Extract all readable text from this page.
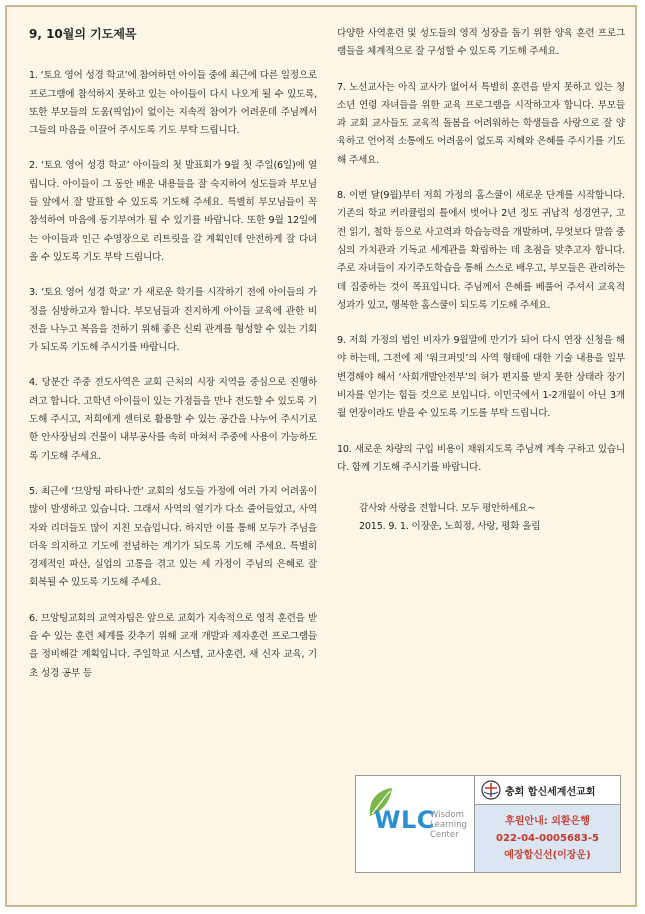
9, 10월의 기도제목

1. ‘토요 영어 성경 학교’에 참여하던 아이들 중에 최근에 다른 일정으로 프로그램에 참석하지 못하고 있는 아이들이 다시 나오게 될 수 있도록, 또한 부모들의 도움(픽업)이 없이는 지속적 참여가 어려운데 주님께서 그들의 마음을 이끌어 주시도록 기도 부탁 드립니다.

2. ‘토요 영어 성경 학교’ 아이들의 첫 발표회가 9월 첫 주일(6일)에 열립니다. 아이들이 그 동안 배운 내용들을 잘 숙지하여 성도들과 부모님들 앞에서 잘 발표할 수 있도록 기도해 주세요. 특별히 부모님들이 꼭 참석하여 마음에 동기부여가 될 수 있기를 바랍니다. 또한 9월 12일에는 아이들과 인근 수영장으로 리트릿을 갈 계획인데 안전하게 잘 다녀 올 수 있도록 기도 부탁 드립니다.

3. ‘토요 영어 성경 학교’ 가 새로운 학기를 시작하기 전에 아이들의 가정을 심방하고자 합니다. 부모님들과 진지하게 아이들 교육에 관한 비전을 나누고 복음을 전하기 위해 좋은 신뢰 관계를 형성할 수 있는 기회가 되도록 기도해 주시기를 바랍니다.

4. 당분간 주중 전도사역은 교회 근처의 시장 지역을 중심으로 진행하려고 합니다. 고학년 아이들이 있는 가정들을 만나 전도할 수 있도록 기도해 주시고, 저희에게 센터로 활용할 수 있는 공간을 나누어 주시기로 한 안사장님의 건물이 내부공사를 속히 마쳐서 주중에 사용이 가능하도록 기도해 주세요.

5. 최근에 ‘므앙팅 파타나깐’ 교회의 성도들 가정에 여러 가지 어려움이 많이 발생하고 있습니다. 그래서 사역의 열기가 다소 줄어들었고, 사역자와 리더들도 많이 지친 모습입니다. 하지만 이를 통해 모두가 주님을 더욱 의지하고 기도에 전념하는 계기가 되도록 기도해 주세요. 특별히 경제적인 파산, 실업의 고통을 겪고 있는 세 가정이 주님의 은혜로 잘 회복될 수 있도록 기도해 주세요.

6. 므앙팅교회의 교역자팀은 앞으로 교회가 지속적으로 영적 훈련을 받을 수 있는 훈련 체계를 갖추기 위해 교재 개발과 제자훈련 프로그램들을 정비해갈 계획입니다. 주일학교 시스템, 교사훈련, 새 신자 교육, 기초 성경 공부 등

다양한 사역훈련 및 성도들의 영적 성장을 돕기 위한 양육 훈련 프로그램들을 체계적으로 잘 구성할 수 있도록 기도해 주세요.

7. 노선교사는 아직 교사가 없어서 특별히 훈련을 받지 못하고 있는 청소년 연령 자녀들을 위한 교육 프로그램을 시작하고자 합니다. 부모들과 교회 교사들도 교육적 돌봄을 어려워하는 학생들을 사랑으로 잘 양육하고 언어적 소통에도 어려움이 없도록 지혜와 은혜를 주시기를 기도해 주세요.

8. 이번 달(9월)부터 저희 가정의 홈스쿨이 새로운 단계를 시작합니다. 기존의 학교 커리큘럼의 틀에서 벗어나 2년 정도 귀납적 성경연구, 고전 읽기, 철학 등으로 사고력과 학습능력을 개발하며, 무엇보다 말씀 중심의 가치관과 기독교 세계관을 확립하는 데 초점을 맞추고자 합니다. 주로 자녀들이 자기주도학습을 통해 스스로 배우고, 부모들은 관리하는데 집중하는 것이 목표입니다. 주님께서 은혜를 베풀어 주셔서 교육적 성과가 있고, 행복한 홈스쿨이 되도록 기도해 주세요.

9. 저희 가정의 법인 비자가 9월말에 만기가 되어 다시 연장 신청을 해야 하는데, 그전에 제 ‘워크퍼밋’의 사역 형태에 대한 기술 내용을 일부 변경해야 해서 ‘사회개발안전부’의 허가 편지를 받지 못한 상태라 장기 비자를 얻기는 힘들 것으로 보입니다. 이민국에서 1-2개월이 아닌 3개월 연장이라도 받을 수 있도록 기도를 부탁 드립니다.

10. 새로운 차량의 구입 비용이 채워지도록 주님께 계속 구하고 있습니다. 함께 기도해 주시기를 바랍니다.

감사와 사랑을 전합니다. 모두 평안하세요~
2015. 9. 1. 이장운, 노희정, 사랑, 평화 올림
WLC
Wisdom
Learning
Center
충회 합신세계선교회
후원안내: 외환은행
022-04-0005683-5
예장합신선(이장운)
